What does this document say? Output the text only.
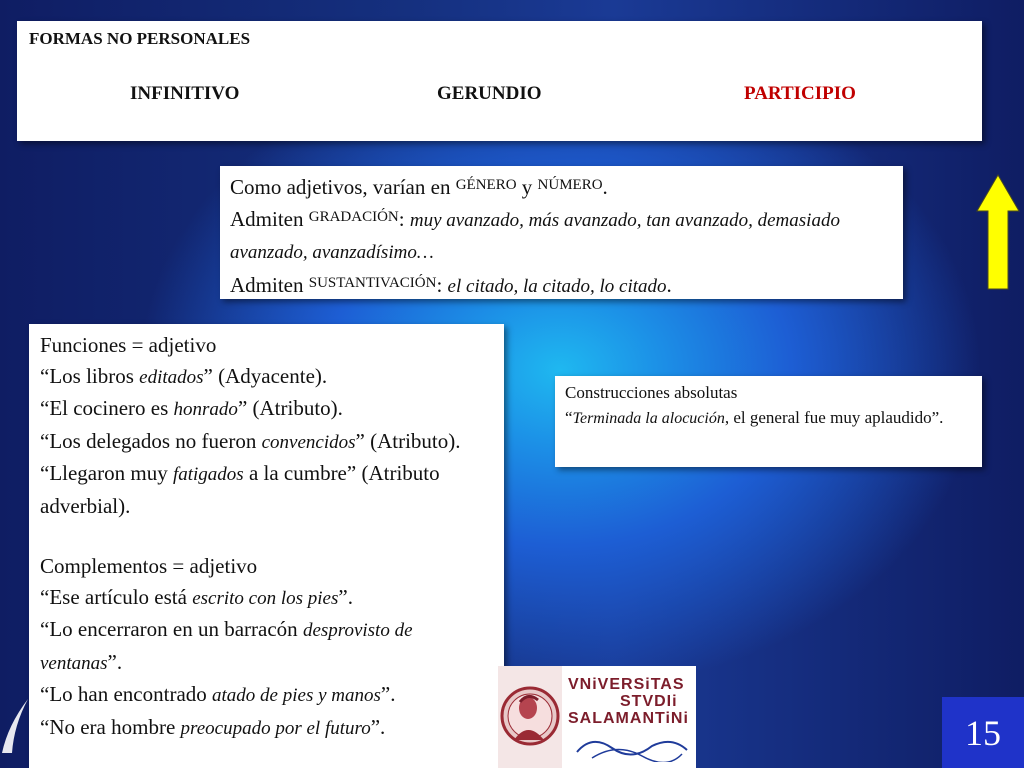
FORMAS NO PERSONALES
INFINITIVO	GERUNDIO	PARTICIPIO
Como adjetivos, varían en $^{GÉNERO}$ y $^{NÚMERO}$.
Admiten $^{GRADACIÓN}$: muy avanzado, más avanzado, tan avanzado, demasiado avanzado, avanzadísimo…
Admiten $^{SUSTANTIVACIÓN}$: el citado, la citado, lo citado.
Funciones = adjetivo
“Los libros editados” (Adyacente).
“El cocinero es honrado” (Atributo).
“Los delegados no fueron convencidos” (Atributo).
“Llegaron muy fatigados a la cumbre” (Atributo adverbial).
Complementos = adjetivo
“Ese artículo está escrito con los pies”.
“Lo encerraron en un barracón desprovisto de ventanas”.
“Lo han encontrado atado de pies y manos”.
“No era hombre preocupado por el futuro”.
Construcciones absolutas
“Terminada la alocución, el general fue muy aplaudido”.
VNiVERSiTAS
STVDIi
SALAMANTiNi	15
